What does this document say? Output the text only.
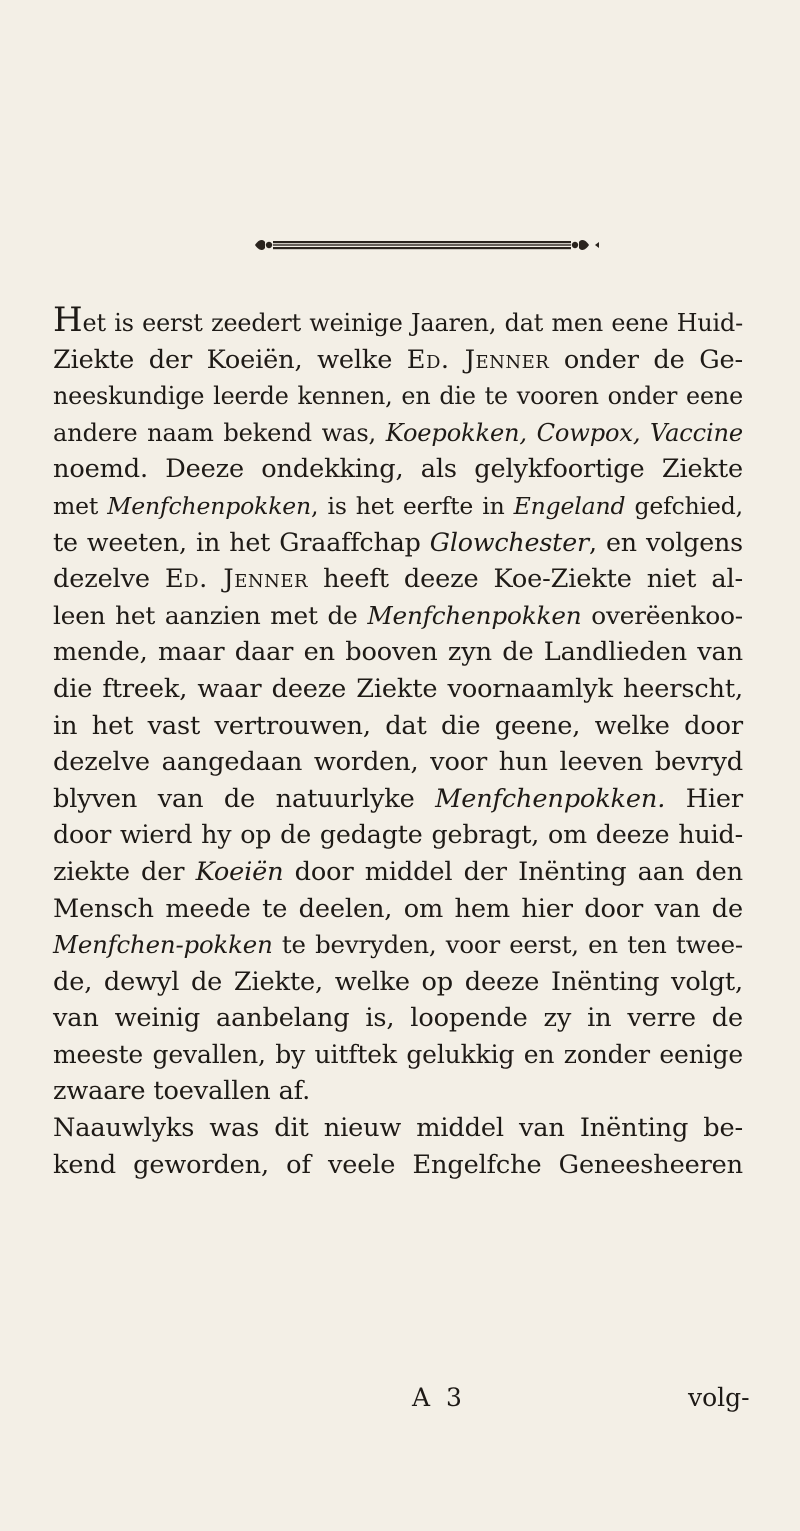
Het is eerst zeedert weinige Jaaren, dat men eene Huid-
Ziekte der Koeiën, welke Ed. Jenner onder de Ge-
neeskundige leerde kennen, en die te vooren onder eene
andere naam bekend was, Koepokken, Cowpox, Vaccine
noemd. Deeze ondekking, als gelykfoortige Ziekte
met Menfchenpokken, is het eerfte in Engeland gefchied,
te weeten, in het Graaffchap Glowchester, en volgens
dezelve Ed. Jenner heeft deeze Koe-Ziekte niet al-
leen het aanzien met de Menfchenpokken overëenkoo-
mende, maar daar en booven zyn de Landlieden van
die ftreek, waar deeze Ziekte voornaamlyk heerscht,
in het vast vertrouwen, dat die geene, welke door
dezelve aangedaan worden, voor hun leeven bevryd
blyven van de natuurlyke Menfchenpokken. Hier
door wierd hy op de gedagte gebragt, om deeze huid-
ziekte der Koeiën door middel der Inënting aan den
Mensch meede te deelen, om hem hier door van de
Menfchen-pokken te bevryden, voor eerst, en ten twee-
de, dewyl de Ziekte, welke op deeze Inënting volgt,
van weinig aanbelang is, loopende zy in verre de
meeste gevallen, by uitftek gelukkig en zonder eenige
zwaare toevallen af.
Naauwlyks was dit nieuw middel van Inënting be-
kend geworden, of veele Engelfche Geneesheeren
A 3	volg-
